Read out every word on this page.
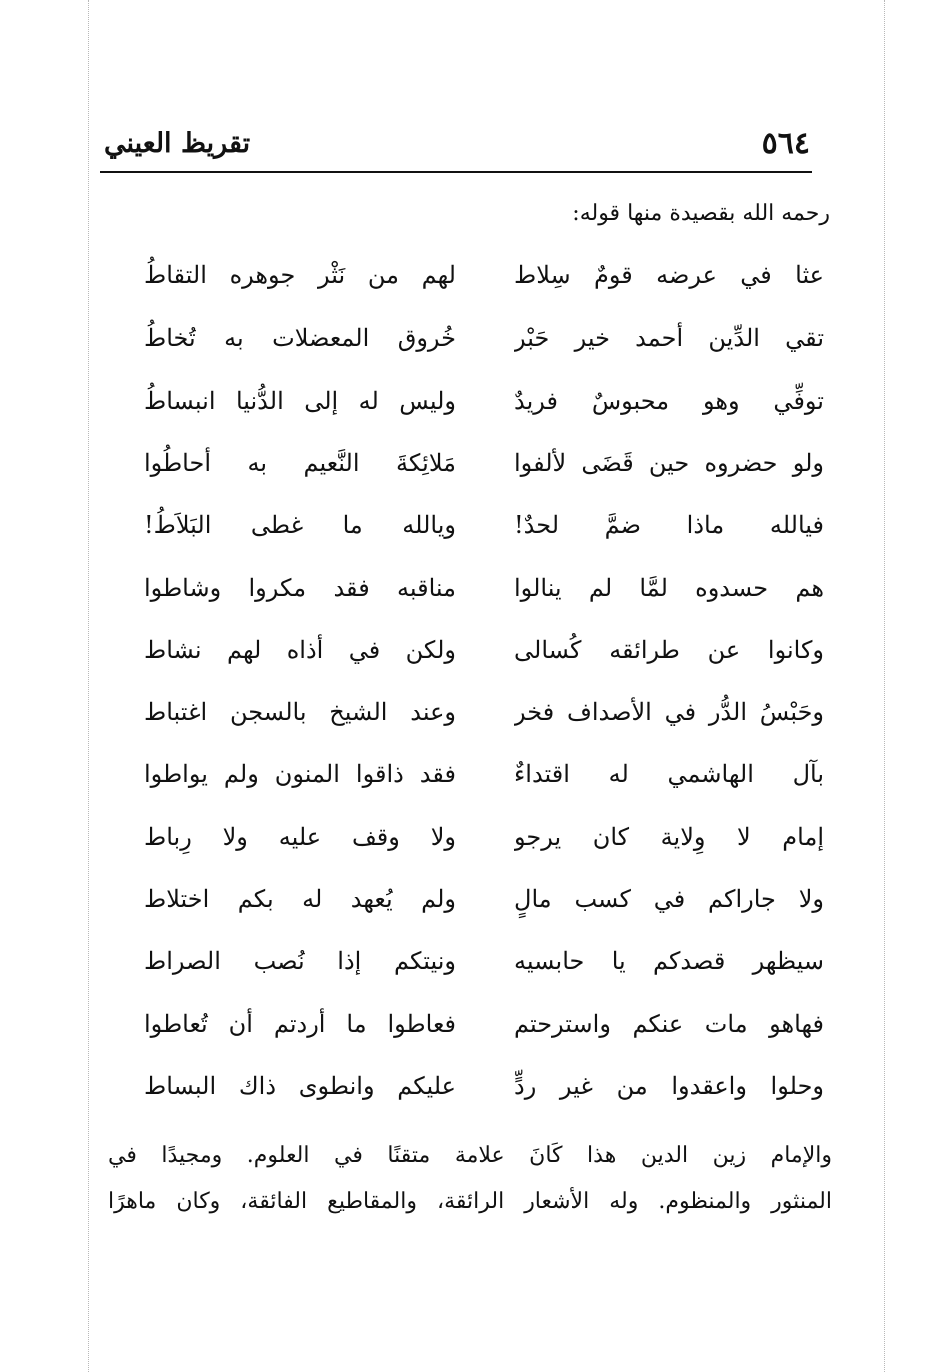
٥٦٤
تقريظ العيني
رحمه الله بقصيدة منها قوله:
عثا في عرضه قومٌ سِلاط
لهم من نَثْر جوهره التقاطُ
تقي الدِّين أحمد خير حَبْر
خُروق المعضلات به تُخاطُ
توفِّي وهو محبوسٌ فريدٌ
وليس له إلى الدُّنيا انبساطُ
ولو حضروه حين قَضَى لألفوا
مَلائِكةَ النَّعيم به أحاطُوا
فيالله ماذا ضمَّ لحدٌ!
ويالله ما غطى البَلاَطُ!
هم حسدوه لمَّا لم ينالوا
مناقبه فقد مكروا وشاطوا
وكانوا عن طرائقه كُسالى
ولكن في أذاه لهم نشاط
وحَبْسُ الدُّر في الأصداف فخر
وعند الشيخ بالسجن اغتباط
بآل الهاشمي له اقتداءٌ
فقد ذاقوا المنون ولم يواطوا
إمام لا وِلاية كان يرجو
ولا وقف عليه ولا رِباط
ولا جاراكم في كسب مالٍ
ولم يُعهد له بكم اختلاط
سيظهر قصدكم يا حابسيه
ونيتكم إذا نُصب الصراط
فهاهو مات عنكم واسترحتم
فعاطوا ما أردتم أن تُعاطوا
وحلوا واعقدوا من غير ردٍّ
عليكم وانطوى ذاك البساط
والإمام زين الدين هذا كَانَ علامة متقنًا في العلوم. ومجيدًا في
المنثور والمنظوم. وله الأشعار الرائقة، والمقاطيع الفائقة، وكان ماهرًا
